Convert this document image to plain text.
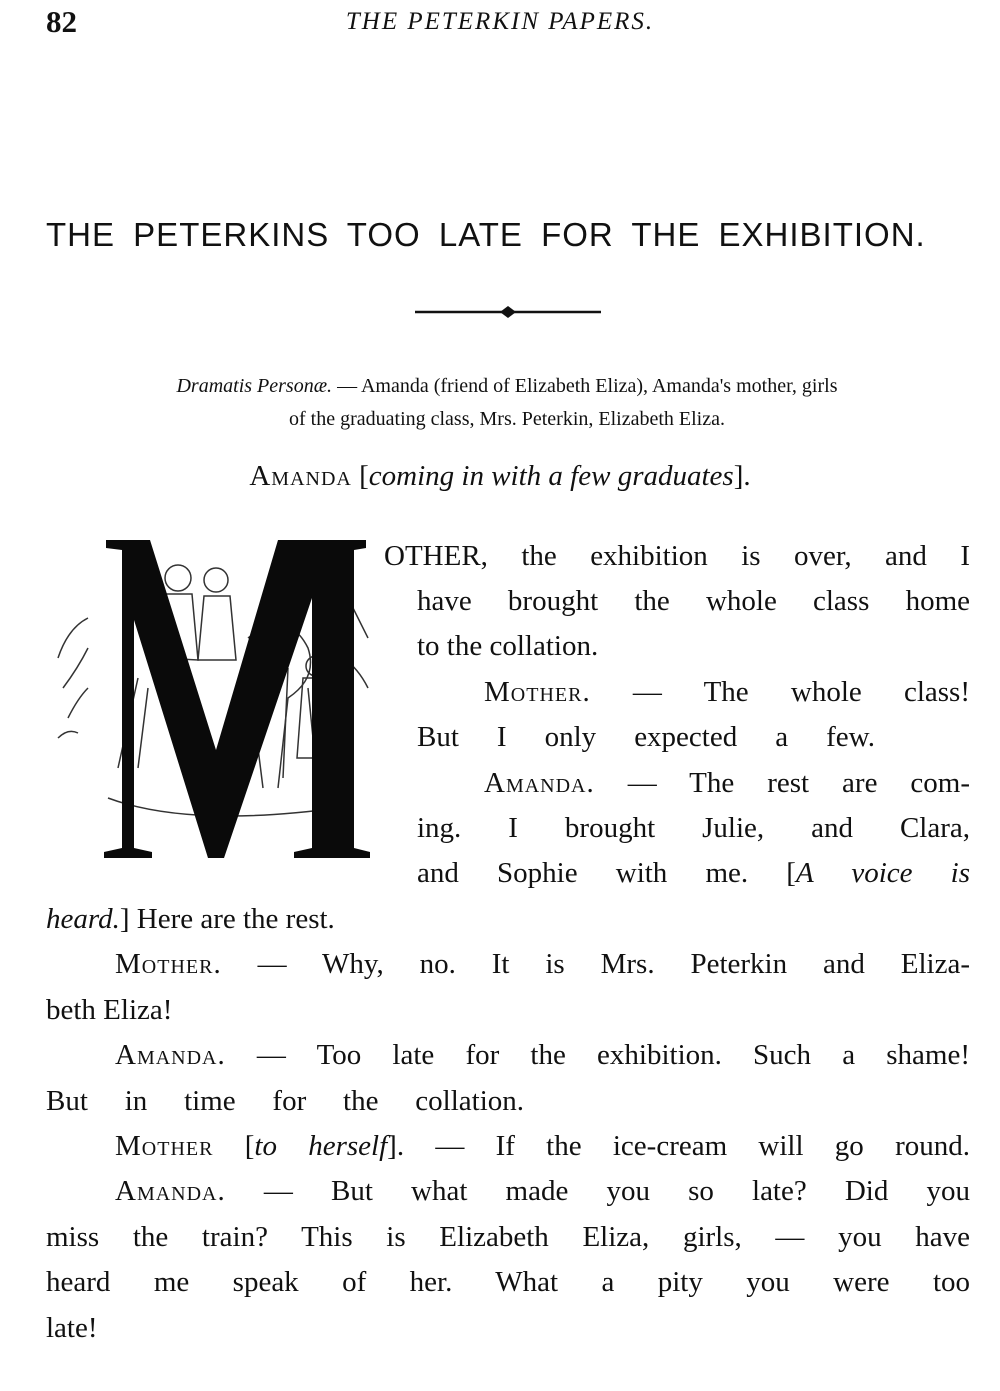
82	THE PETERKIN PAPERS.
THE PETERKINS TOO LATE FOR THE EXHIBITION.
Dramatis Personæ. — Amanda (friend of Elizabeth Eliza), Amanda's mother, girls
of the graduating class, Mrs. Peterkin, Elizabeth Eliza.
Amanda [coming in with a few graduates].
OTHER, the exhibition is over, and I
have brought the whole class home
to the collation.
Mother. — The whole class!
But I only expected a few.
Amanda. — The rest are com-
ing. I brought Julie, and Clara,
and Sophie with me. [A voice is
heard.] Here are the rest.
Mother. — Why, no. It is Mrs. Peterkin and Eliza-
beth Eliza!
Amanda. — Too late for the exhibition. Such a shame!
But in time for the collation.
Mother [to herself]. — If the ice-cream will go round.
Amanda. — But what made you so late? Did you
miss the train? This is Elizabeth Eliza, girls, — you have
heard me speak of her. What a pity you were too
late!
